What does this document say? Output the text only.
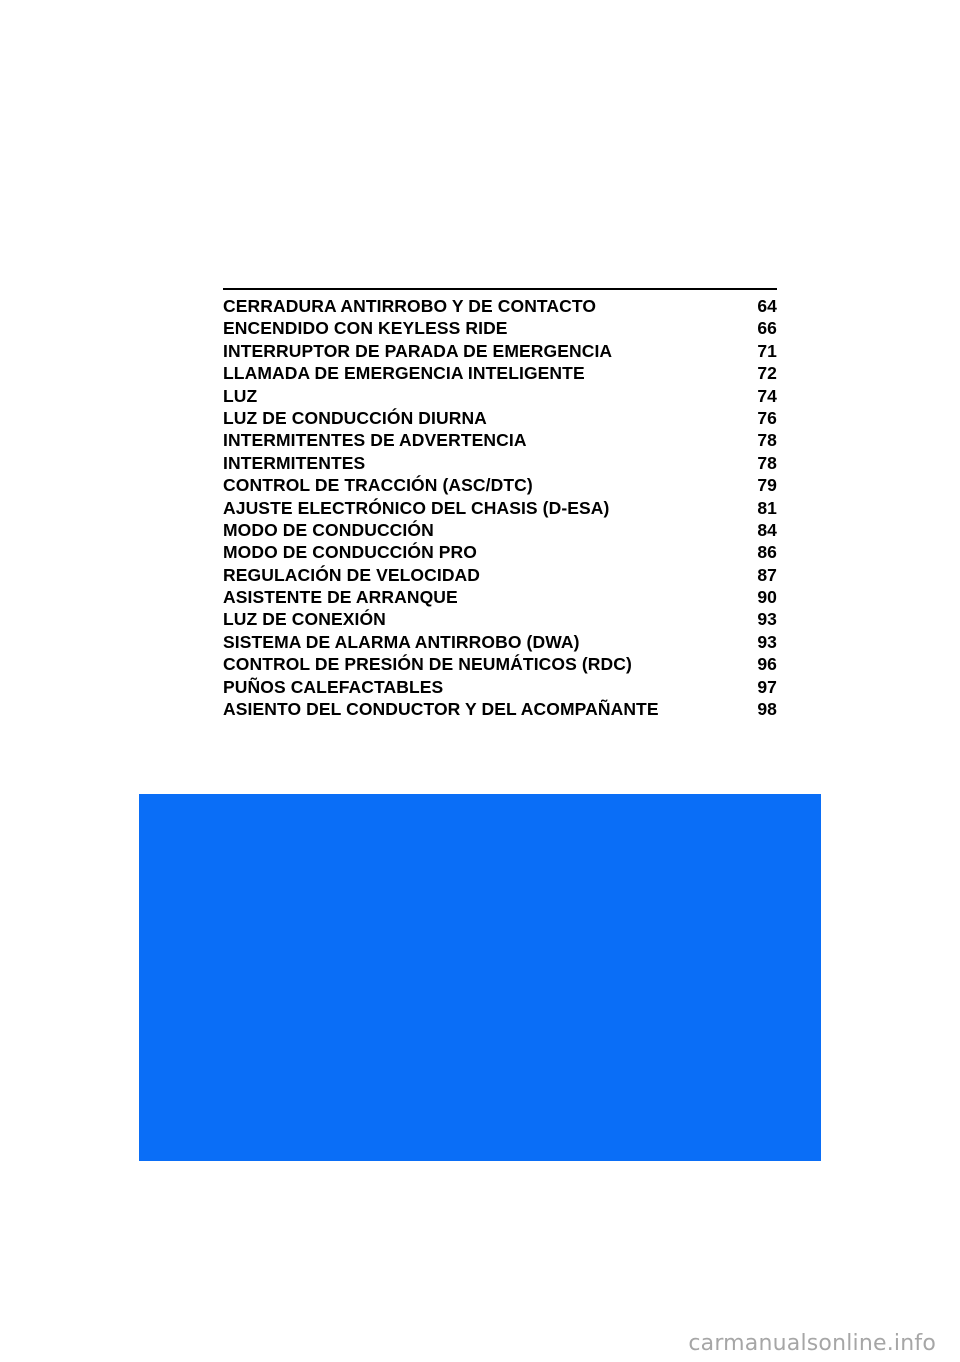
CERRADURA ANTIRROBO Y DE CONTACTO	64
ENCENDIDO CON KEYLESS RIDE	66
INTERRUPTOR DE PARADA DE EMERGENCIA	71
LLAMADA DE EMERGENCIA INTELIGENTE	72
LUZ	74
LUZ DE CONDUCCIÓN DIURNA	76
INTERMITENTES DE ADVERTENCIA	78
INTERMITENTES	78
CONTROL DE TRACCIÓN (ASC/DTC)	79
AJUSTE ELECTRÓNICO DEL CHASIS (D-ESA)	81
MODO DE CONDUCCIÓN	84
MODO DE CONDUCCIÓN PRO	86
REGULACIÓN DE VELOCIDAD	87
ASISTENTE DE ARRANQUE	90
LUZ DE CONEXIÓN	93
SISTEMA DE ALARMA ANTIRROBO (DWA)	93
CONTROL DE PRESIÓN DE NEUMÁTICOS (RDC)	96
PUÑOS CALEFACTABLES	97
ASIENTO DEL CONDUCTOR Y DEL ACOMPAÑANTE	98
carmanualsonline.info
